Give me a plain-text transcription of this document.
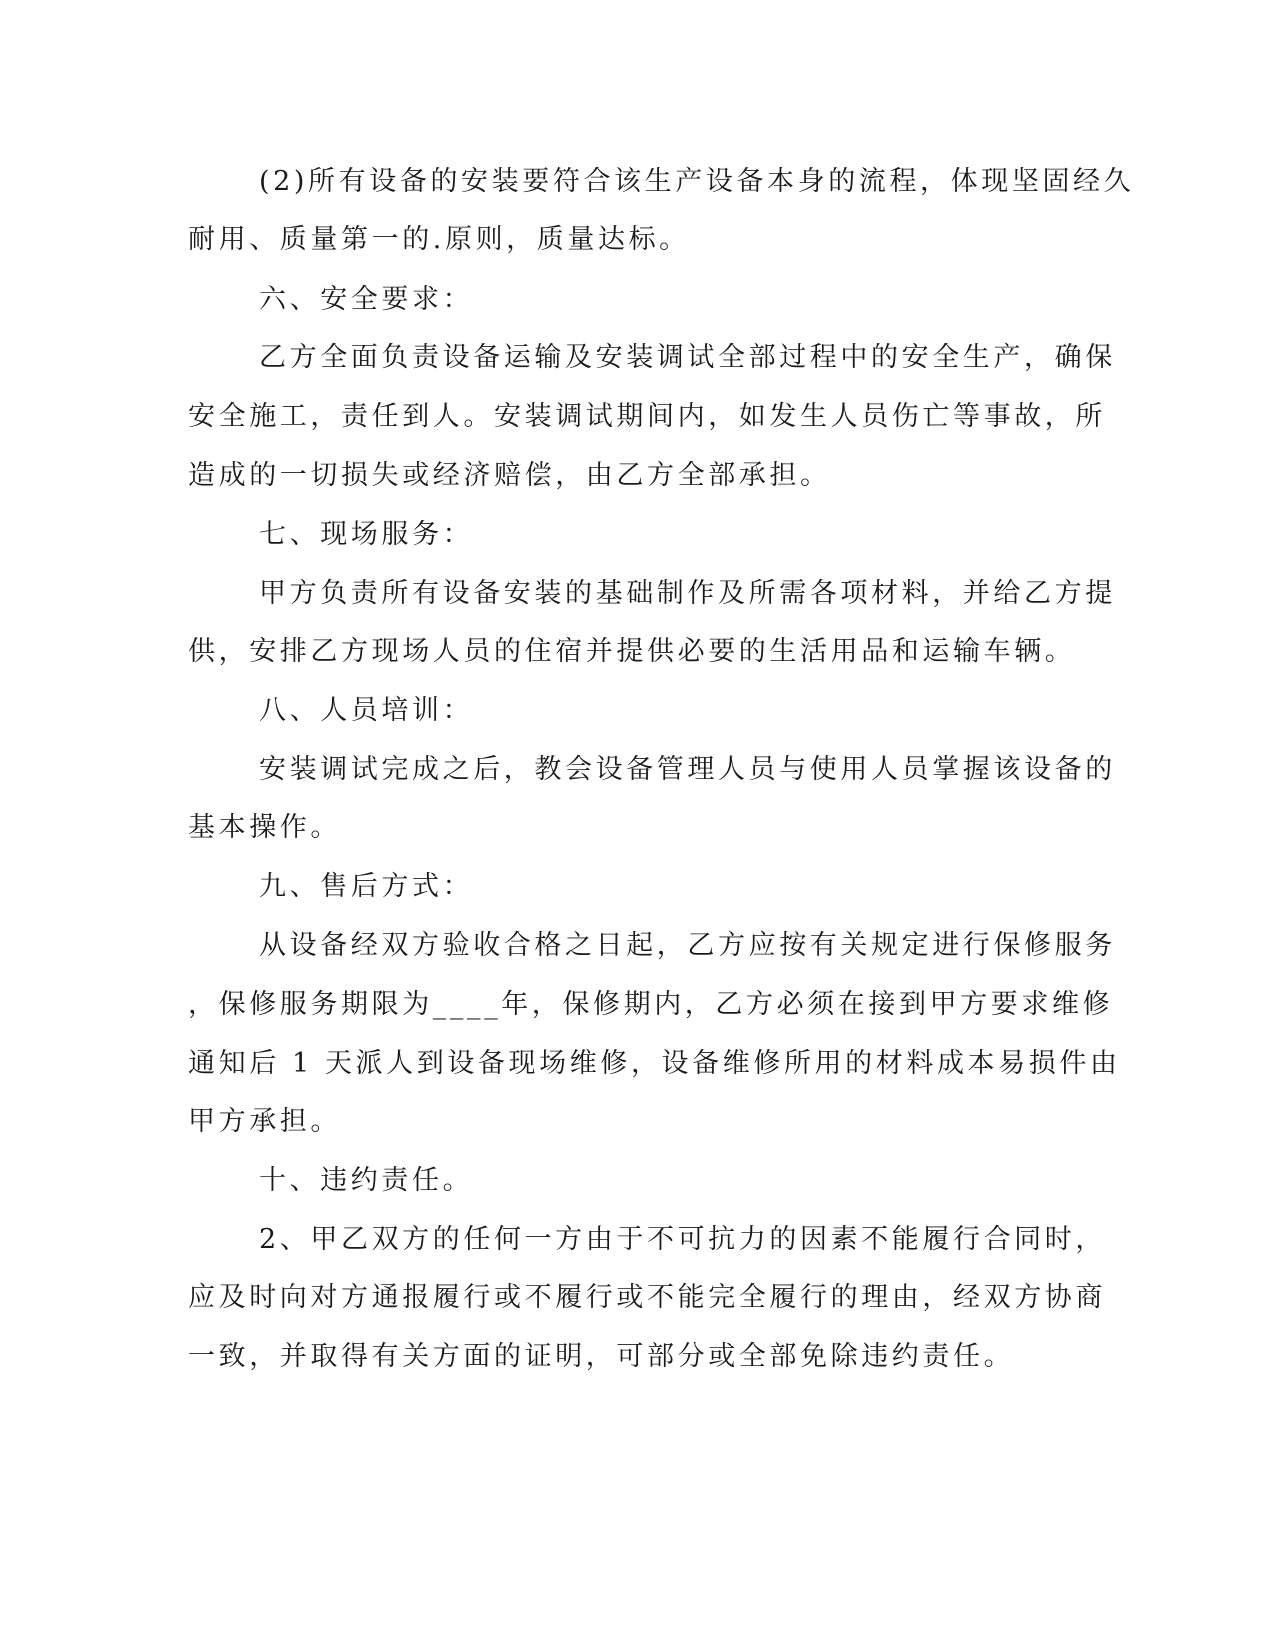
(2)所有设备的安装要符合该生产设备本身的流程，体现坚固经久
耐用、质量第一的.原则，质量达标。
六、安全要求：
乙方全面负责设备运输及安装调试全部过程中的安全生产，确保
安全施工，责任到人。安装调试期间内，如发生人员伤亡等事故，所
造成的一切损失或经济赔偿，由乙方全部承担。
七、现场服务：
甲方负责所有设备安装的基础制作及所需各项材料，并给乙方提
供，安排乙方现场人员的住宿并提供必要的生活用品和运输车辆。
八、人员培训：
安装调试完成之后，教会设备管理人员与使用人员掌握该设备的
基本操作。
九、售后方式：
从设备经双方验收合格之日起，乙方应按有关规定进行保修服务
，保修服务期限为____年，保修期内，乙方必须在接到甲方要求维修
通知后 1 天派人到设备现场维修，设备维修所用的材料成本易损件由
甲方承担。
十、违约责任。
2、甲乙双方的任何一方由于不可抗力的因素不能履行合同时，
应及时向对方通报履行或不履行或不能完全履行的理由，经双方协商
一致，并取得有关方面的证明，可部分或全部免除违约责任。
